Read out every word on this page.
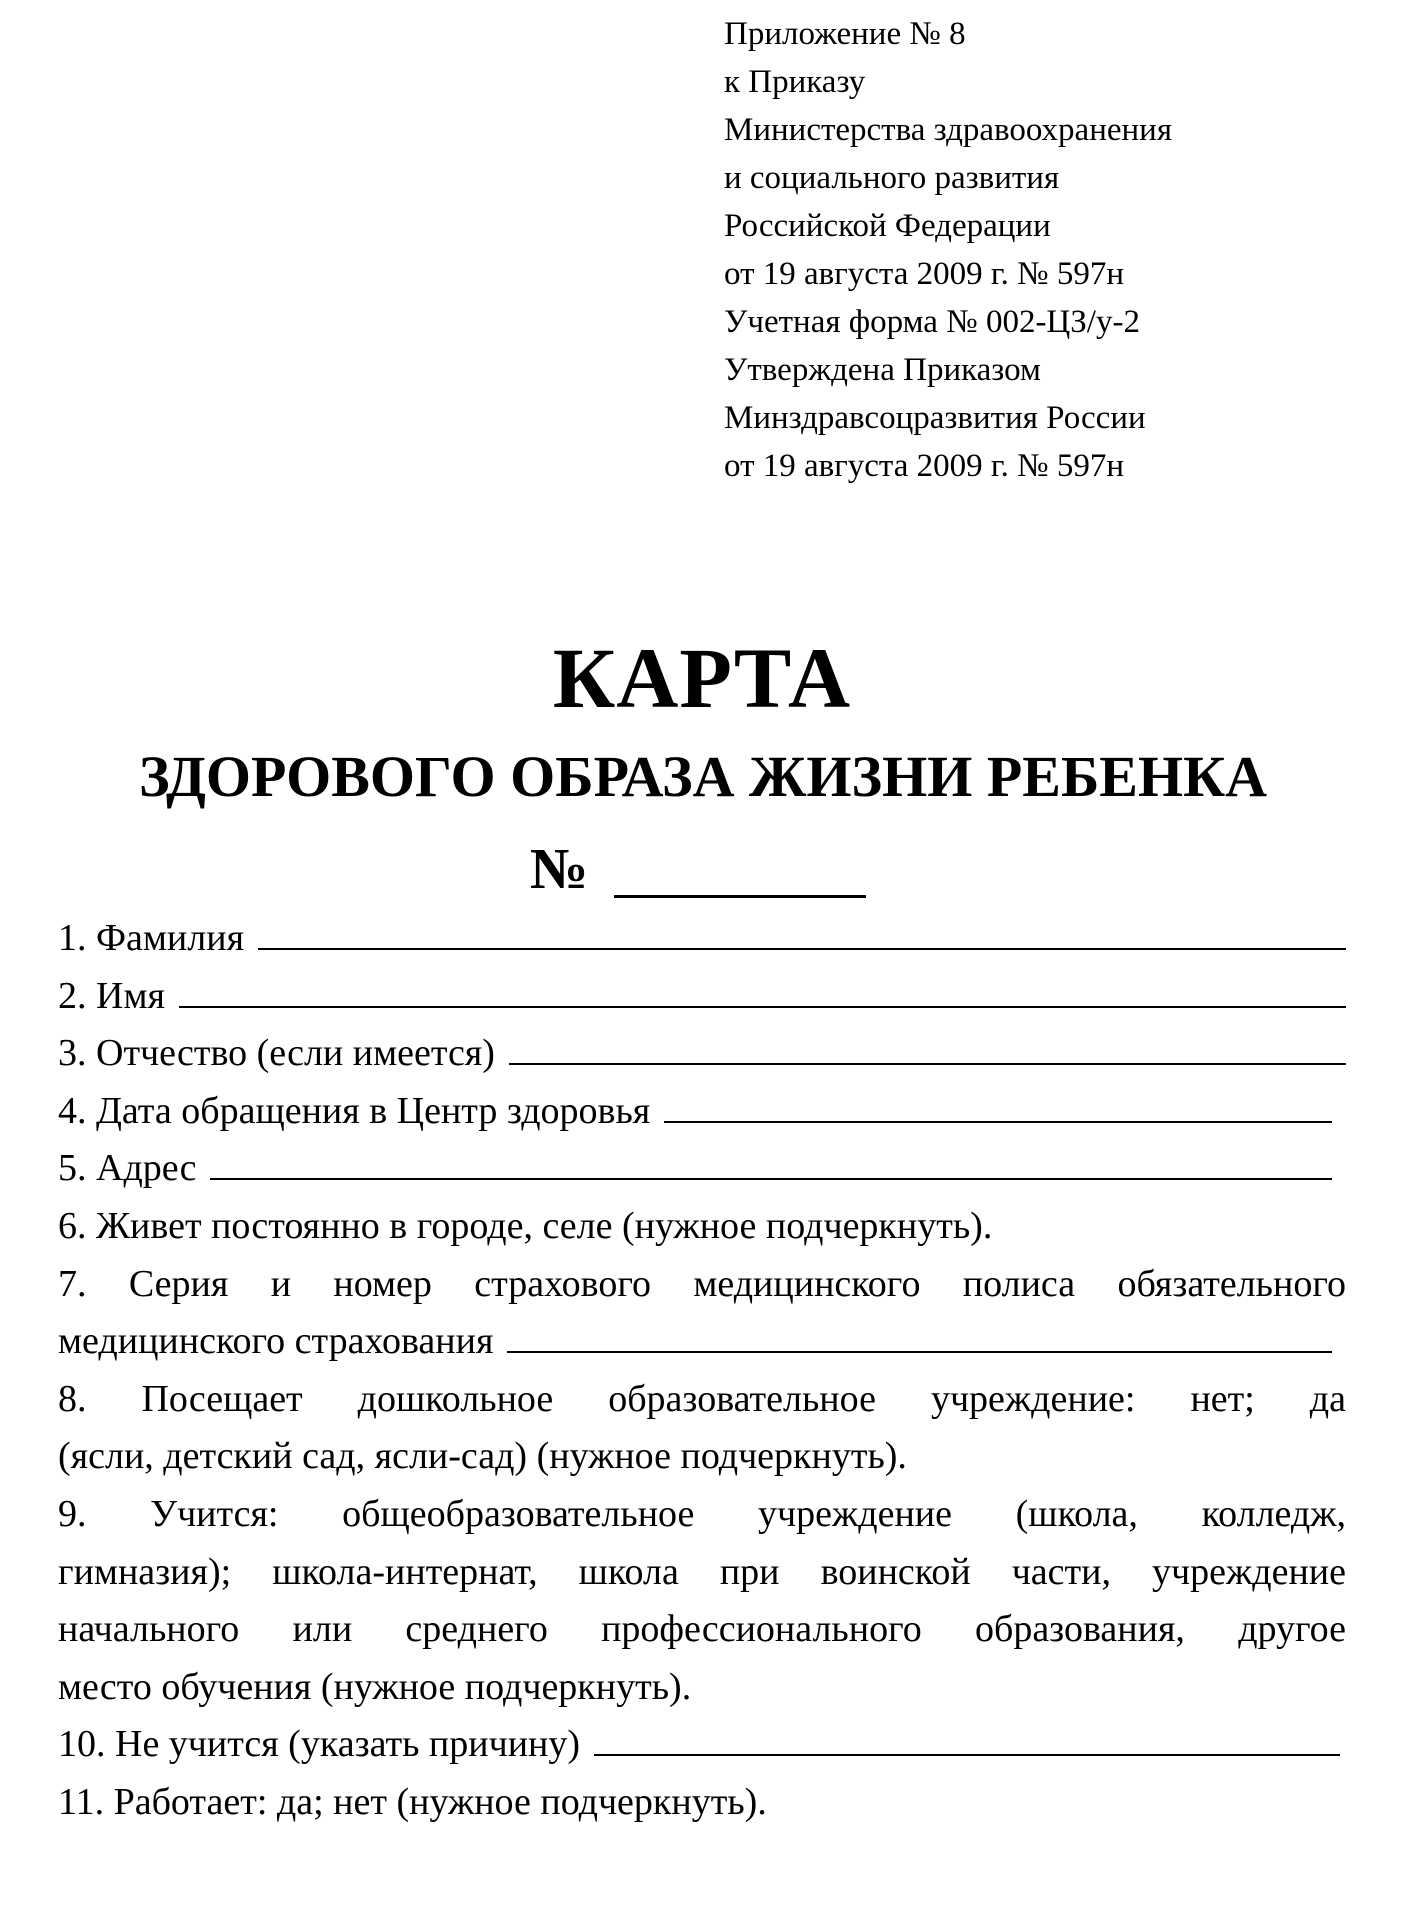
Приложение № 8
к Приказу
Министерства здравоохранения
и социального развития
Российской Федерации
от 19 августа 2009 г. № 597н
Учетная форма № 002-ЦЗ/у-2
Утверждена Приказом
Минздравсоцразвития России
от 19 августа 2009 г. № 597н
КАРТА
ЗДОРОВОГО ОБРАЗА ЖИЗНИ РЕБЕНКА
№
1. Фамилия
2. Имя
3. Отчество (если имеется)
4. Дата обращения в Центр здоровья
5. Адрес
6. Живет постоянно в городе, селе (нужное подчеркнуть).
7. Серия и номер страхового медицинского полиса обязательного
медицинского страхования
8. Посещает дошкольное образовательное учреждение: нет; да
(ясли, детский сад, ясли-сад) (нужное подчеркнуть).
9. Учится: общеобразовательное учреждение (школа, колледж,
гимназия); школа-интернат, школа при воинской части, учреждение
начального или среднего профессионального образования, другое
место обучения (нужное подчеркнуть).
10. Не учится (указать причину)
11. Работает: да; нет (нужное подчеркнуть).
